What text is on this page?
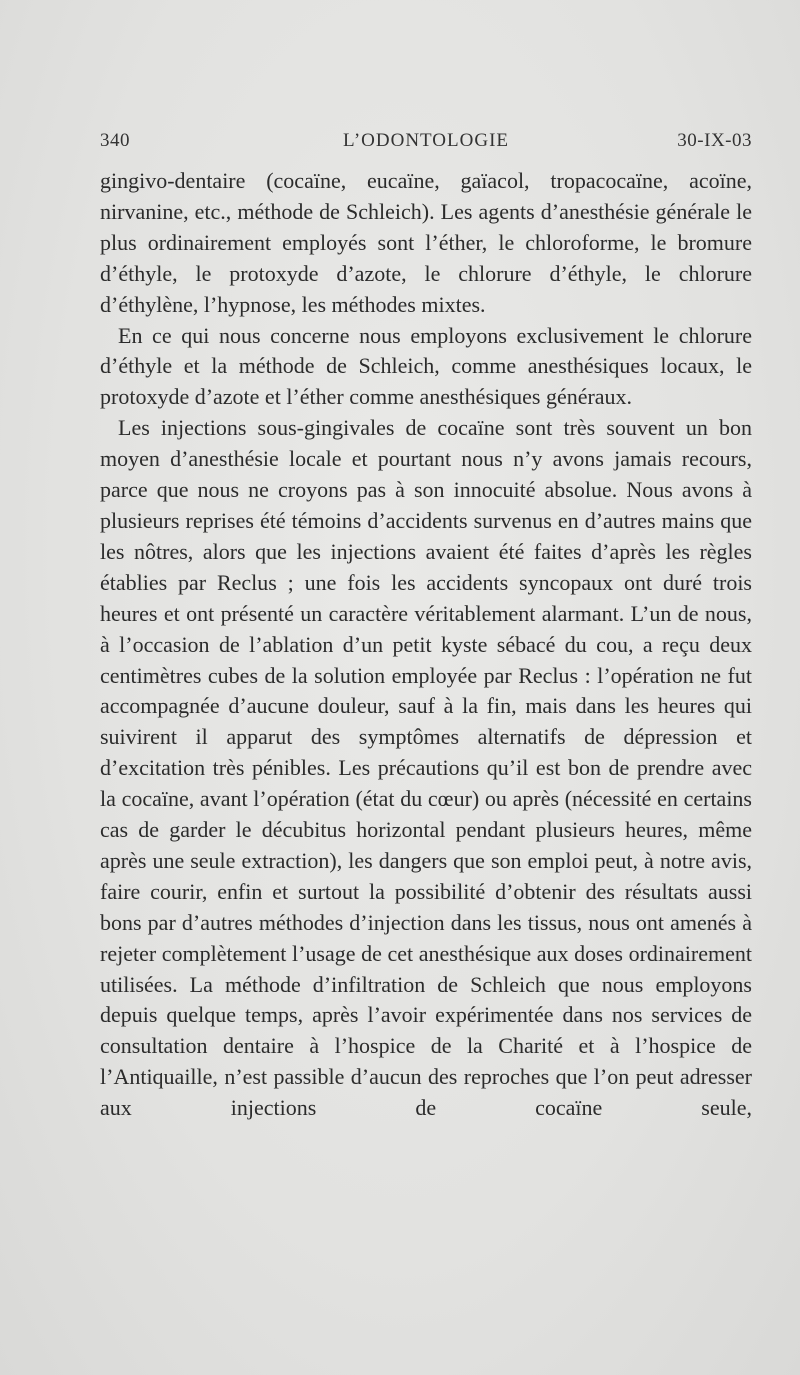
340	L’ODONTOLOGIE	30-IX-03

gingivo-dentaire (cocaïne, eucaïne, gaïacol, tropacocaïne, acoïne, nirvanine, etc., méthode de Schleich). Les agents d’anesthésie générale le plus ordinairement employés sont l’éther, le chloroforme, le bromure d’éthyle, le protoxyde d’azote, le chlorure d’éthyle, le chlorure d’éthylène, l’hypnose, les méthodes mixtes.

En ce qui nous concerne nous employons exclusivement le chlorure d’éthyle et la méthode de Schleich, comme anesthésiques locaux, le protoxyde d’azote et l’éther comme anesthésiques généraux.

Les injections sous-gingivales de cocaïne sont très souvent un bon moyen d’anesthésie locale et pourtant nous n’y avons jamais recours, parce que nous ne croyons pas à son innocuité absolue. Nous avons à plusieurs reprises été témoins d’accidents survenus en d’autres mains que les nôtres, alors que les injections avaient été faites d’après les règles établies par Reclus ; une fois les accidents syncopaux ont duré trois heures et ont présenté un caractère véritablement alarmant. L’un de nous, à l’occasion de l’ablation d’un petit kyste sébacé du cou, a reçu deux centimètres cubes de la solution employée par Reclus : l’opération ne fut accompagnée d’aucune douleur, sauf à la fin, mais dans les heures qui suivirent il apparut des symptômes alternatifs de dépression et d’excitation très pénibles. Les précautions qu’il est bon de prendre avec la cocaïne, avant l’opération (état du cœur) ou après (nécessité en certains cas de garder le décubitus horizontal pendant plusieurs heures, même après une seule extraction), les dangers que son emploi peut, à notre avis, faire courir, enfin et surtout la possibilité d’obtenir des résultats aussi bons par d’autres méthodes d’injection dans les tissus, nous ont amenés à rejeter complètement l’usage de cet anesthésique aux doses ordinairement utilisées. La méthode d’infiltration de Schleich que nous employons depuis quelque temps, après l’avoir expérimentée dans nos services de consultation dentaire à l’hospice de la Charité et à l’hospice de l’Antiquaille, n’est passible d’aucun des reproches que l’on peut adresser aux injections de cocaïne seule,
